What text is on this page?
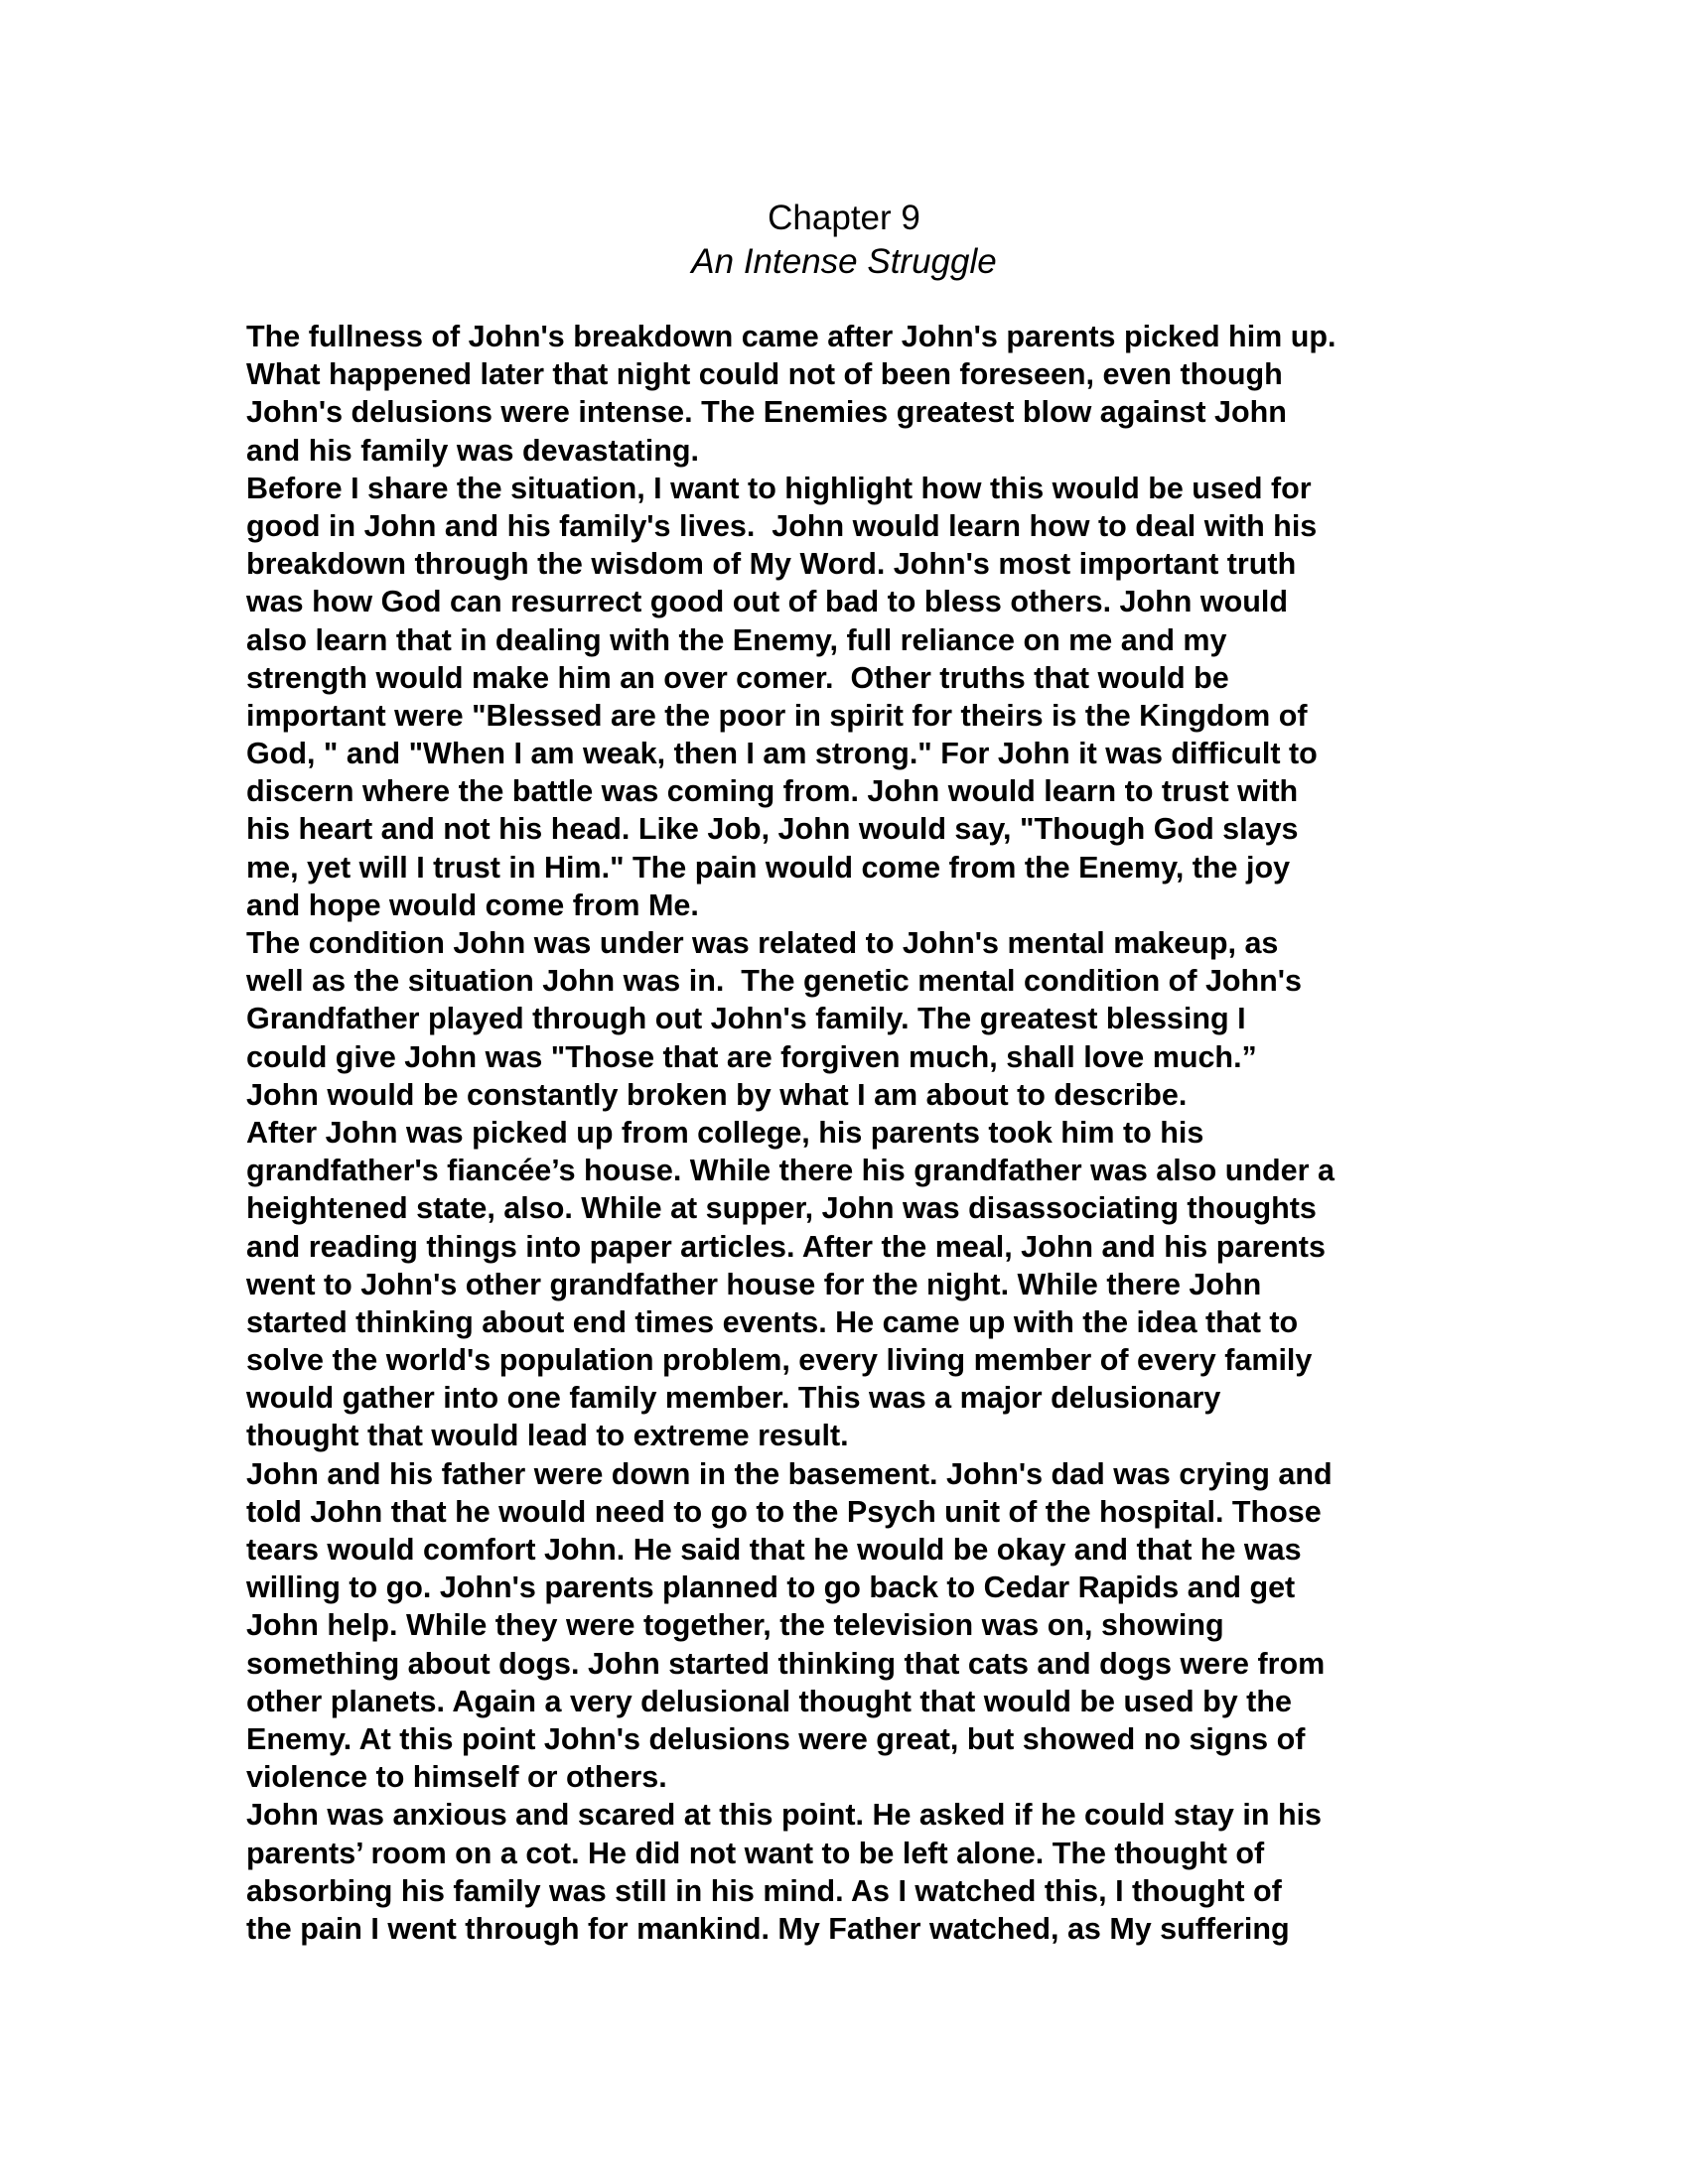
Chapter 9
An Intense Struggle
The fullness of John's breakdown came after John's parents picked him up.
What happened later that night could not of been foreseen, even though
John's delusions were intense. The Enemies greatest blow against John
and his family was devastating.
Before I share the situation, I want to highlight how this would be used for
good in John and his family's lives.  John would learn how to deal with his
breakdown through the wisdom of My Word. John's most important truth
was how God can resurrect good out of bad to bless others. John would
also learn that in dealing with the Enemy, full reliance on me and my
strength would make him an over comer.  Other truths that would be
important were "Blessed are the poor in spirit for theirs is the Kingdom of
God, " and "When I am weak, then I am strong." For John it was difficult to
discern where the battle was coming from. John would learn to trust with
his heart and not his head. Like Job, John would say, "Though God slays
me, yet will I trust in Him." The pain would come from the Enemy, the joy
and hope would come from Me.
The condition John was under was related to John's mental makeup, as
well as the situation John was in.  The genetic mental condition of John's
Grandfather played through out John's family. The greatest blessing I
could give John was "Those that are forgiven much, shall love much.”
John would be constantly broken by what I am about to describe.
After John was picked up from college, his parents took him to his
grandfather's fiancée’s house. While there his grandfather was also under a
heightened state, also. While at supper, John was disassociating thoughts
and reading things into paper articles. After the meal, John and his parents
went to John's other grandfather house for the night. While there John
started thinking about end times events. He came up with the idea that to
solve the world's population problem, every living member of every family
would gather into one family member. This was a major delusionary
thought that would lead to extreme result.
John and his father were down in the basement. John's dad was crying and
told John that he would need to go to the Psych unit of the hospital. Those
tears would comfort John. He said that he would be okay and that he was
willing to go. John's parents planned to go back to Cedar Rapids and get
John help. While they were together, the television was on, showing
something about dogs. John started thinking that cats and dogs were from
other planets. Again a very delusional thought that would be used by the
Enemy. At this point John's delusions were great, but showed no signs of
violence to himself or others.
John was anxious and scared at this point. He asked if he could stay in his
parents’ room on a cot. He did not want to be left alone. The thought of
absorbing his family was still in his mind. As I watched this, I thought of
the pain I went through for mankind. My Father watched, as My suffering
